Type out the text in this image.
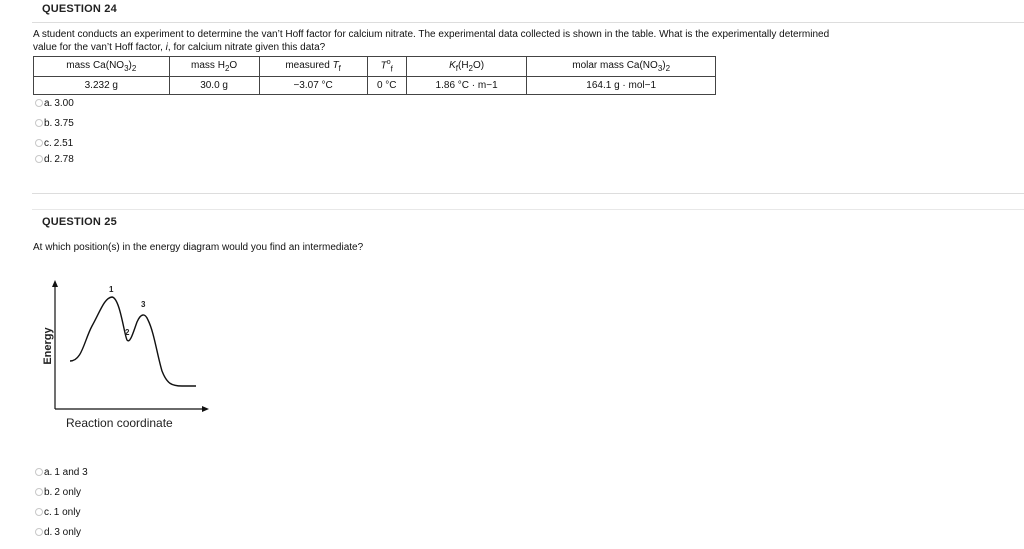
QUESTION 24
A student conducts an experiment to determine the van’t Hoff factor for calcium nitrate. The experimental data collected is shown in the table. What is the experimentally determined
value for the van’t Hoff factor, i, for calcium nitrate given this data?
mass $Ca(NO_3)_2$	mass $H_2O$	measured $T_f$	$T^o_f$	$K_f(H_2O)$	molar mass $Ca(NO_3)_2$
3.232 g	30.0 g	−3.07 °C	0 °C	1.86 °C · m−1	164.1 g · mol−1
a. 3.00
b. 3.75
c. 2.51
d. 2.78
QUESTION 25
At which position(s) in the energy diagram would you find an intermediate?
1
2
3
Energy
Reaction coordinate
a. 1 and 3
b. 2 only
c. 1 only
d. 3 only
